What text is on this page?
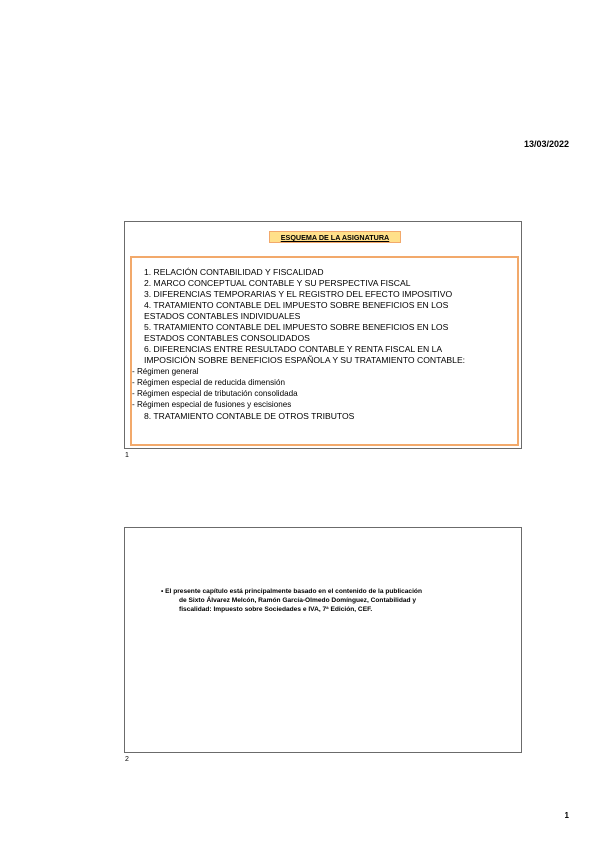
13/03/2022
ESQUEMA DE LA ASIGNATURA
1. RELACIÓN CONTABILIDAD Y FISCALIDAD
2. MARCO CONCEPTUAL CONTABLE Y SU PERSPECTIVA FISCAL
3. DIFERENCIAS TEMPORARIAS Y EL REGISTRO DEL EFECTO IMPOSITIVO
4. TRATAMIENTO CONTABLE DEL IMPUESTO SOBRE BENEFICIOS EN LOS
ESTADOS CONTABLES INDIVIDUALES
5. TRATAMIENTO CONTABLE DEL IMPUESTO SOBRE BENEFICIOS EN LOS
ESTADOS CONTABLES CONSOLIDADOS
6. DIFERENCIAS ENTRE RESULTADO CONTABLE Y RENTA FISCAL EN LA
IMPOSICIÓN SOBRE BENEFICIOS ESPAÑOLA Y SU TRATAMIENTO CONTABLE:
- Régimen general
- Régimen especial de reducida dimensión
- Régimen especial de tributación consolidada
- Régimen especial de fusiones y escisiones
8. TRATAMIENTO CONTABLE DE OTROS TRIBUTOS
1
• El presente capítulo está principalmente basado en el contenido de la publicación
de Sixto Álvarez Melcón, Ramón García-Olmedo Domínguez, Contabilidad y
fiscalidad: Impuesto sobre Sociedades e IVA, 7ª Edición, CEF.
2
1
